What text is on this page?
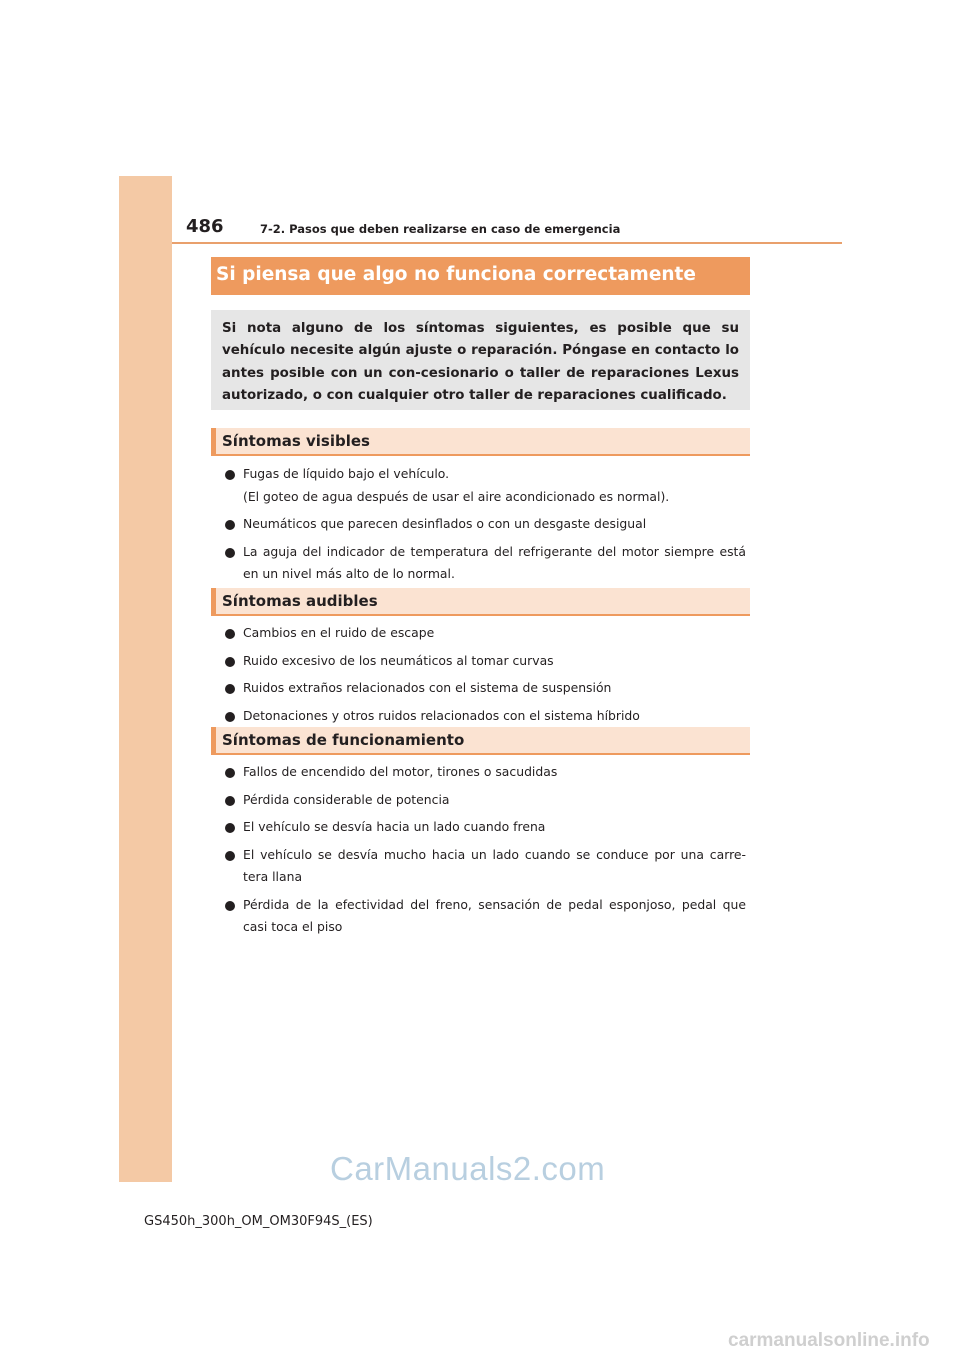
486	7-2. Pasos que deben realizarse en caso de emergencia
Si piensa que algo no funciona correctamente
Si nota alguno de los síntomas siguientes, es posible que su vehículo necesite algún ajuste o reparación. Póngase en contacto lo antes posible con un con-cesionario o taller de reparaciones Lexus autorizado, o con cualquier otro taller de reparaciones cualificado.
Síntomas visibles
Fugas de líquido bajo el vehículo.
(El goteo de agua después de usar el aire acondicionado es normal).
Neumáticos que parecen desinflados o con un desgaste desigual
La aguja del indicador de temperatura del refrigerante del motor siempre está en un nivel más alto de lo normal.
Síntomas audibles
Cambios en el ruido de escape
Ruido excesivo de los neumáticos al tomar curvas
Ruidos extraños relacionados con el sistema de suspensión
Detonaciones y otros ruidos relacionados con el sistema híbrido
Síntomas de funcionamiento
Fallos de encendido del motor, tirones o sacudidas
Pérdida considerable de potencia
El vehículo se desvía hacia un lado cuando frena
El vehículo se desvía mucho hacia un lado cuando se conduce por una carre-tera llana
Pérdida de la efectividad del freno, sensación de pedal esponjoso, pedal que casi toca el piso
CarManuals2.com
GS450h_300h_OM_OM30F94S_(ES)
carmanualsonline.info
